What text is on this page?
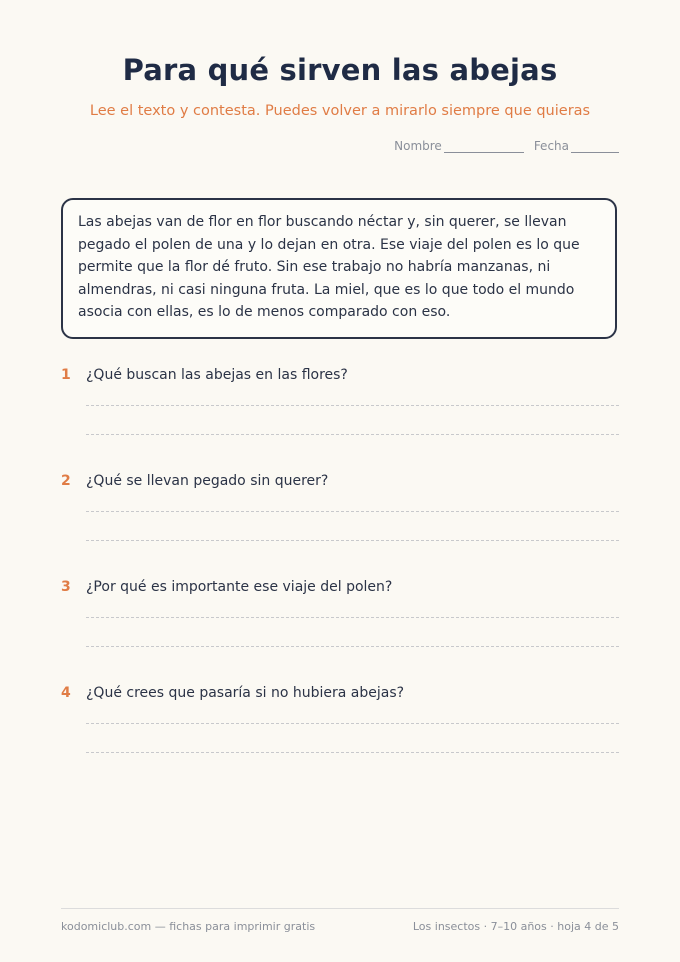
Para qué sirven las abejas
Lee el texto y contesta. Puedes volver a mirarlo siempre que quieras
Nombre	Fecha
Las abejas van de flor en flor buscando néctar y, sin querer, se llevan
pegado el polen de una y lo dejan en otra. Ese viaje del polen es lo que
permite que la flor dé fruto. Sin ese trabajo no habría manzanas, ni
almendras, ni casi ninguna fruta. La miel, que es lo que todo el mundo
asocia con ellas, es lo de menos comparado con eso.
1 ¿Qué buscan las abejas en las flores?
2 ¿Qué se llevan pegado sin querer?
3 ¿Por qué es importante ese viaje del polen?
4 ¿Qué crees que pasaría si no hubiera abejas?
kodomiclub.com — fichas para imprimir gratis	Los insectos · 7–10 años · hoja 4 de 5
